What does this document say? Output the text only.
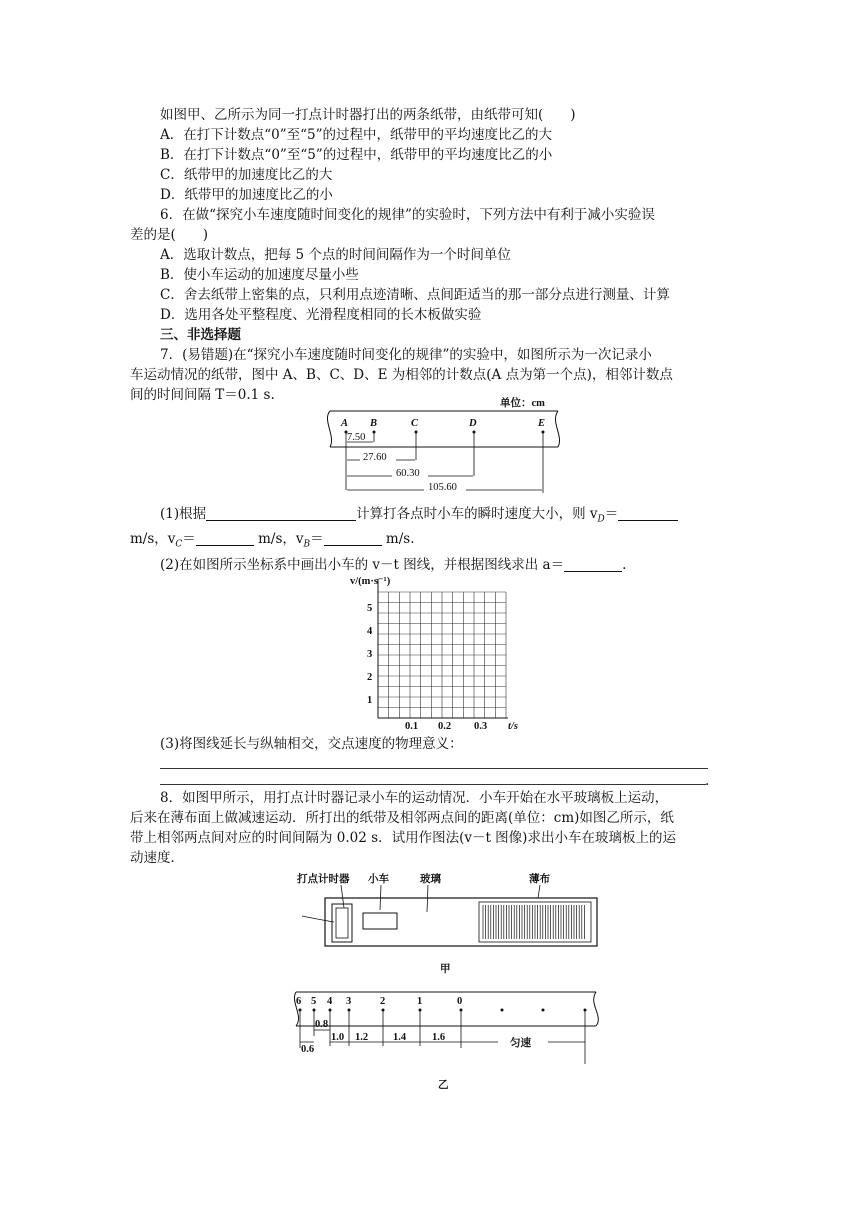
如图甲、乙所示为同一打点计时器打出的两条纸带，由纸带可知(　　)
A．在打下计数点“0”至“5”的过程中，纸带甲的平均速度比乙的大
B．在打下计数点“0”至“5”的过程中，纸带甲的平均速度比乙的小
C．纸带甲的加速度比乙的大
D．纸带甲的加速度比乙的小
6．在做“探究小车速度随时间变化的规律”的实验时，下列方法中有利于减小实验误
差的是(　　)
A．选取计数点，把每 5 个点的时间间隔作为一个时间单位
B．使小车运动的加速度尽量小些
C．舍去纸带上密集的点，只利用点迹清晰、点间距适当的那一部分点进行测量、计算
D．选用各处平整程度、光滑程度相同的长木板做实验
三、非选择题
7．(易错题)在“探究小车速度随时间变化的规律”的实验中，如图所示为一次记录小
车运动情况的纸带，图中 A、B、C、D、E 为相邻的计数点(A 点为第一个点)，相邻计数点
间的时间间隔 T＝0.1 s.
单位：cm
A B	C	D	E
7.50
27.60
60.30
105.60
(1)根据	计算打各点时小车的瞬时速度大小，则 $v_D=$
m/s，$v_C=$	m/s，$v_B=$	m/s.
(2)在如图所示坐标系中画出小车的 v－t 图线，并根据图线求出 a＝	.
v/(m·s⁻¹)
t/s
5
4
3
2
1
0.1 0.2 0.3
(3)将图线延长与纵轴相交，交点速度的物理意义：
.
8．如图甲所示，用打点计时器记录小车的运动情况．小车开始在水平玻璃板上运动，
后来在薄布面上做减速运动．所打出的纸带及相邻两点间的距离(单位：cm)如图乙所示，纸
带上相邻两点间对应的时间间隔为 0.02 s．试用作图法(v－t 图像)求出小车在玻璃板上的运
动速度．
打点计时器 小车	玻璃	薄布
甲
6 5 4 3	2	1	0
0.6
0.8
1.0 1.2 1.4 1.6
匀速
乙
